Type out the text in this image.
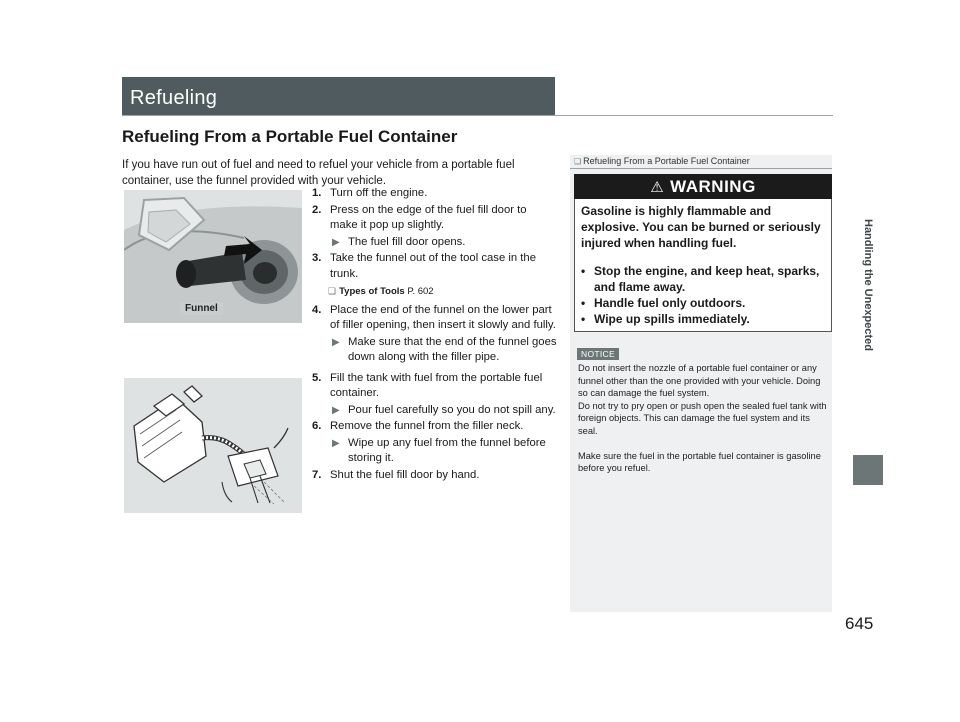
Refueling
Handling the Unexpected
645
Refueling From a Portable Fuel Container
If you have run out of fuel and need to refuel your vehicle from a portable fuel container, use the funnel provided with your vehicle.
1. Turn off the engine.
2. Press on the edge of the fuel fill door to make it pop up slightly.
▶ The fuel fill door opens.
3. Take the funnel out of the tool case in the trunk.
❏ Types of Tools P. 602
4. Place the end of the funnel on the lower part of filler opening, then insert it slowly and fully.
▶ Make sure that the end of the funnel goes down along with the filler pipe.
5. Fill the tank with fuel from the portable fuel container.
▶ Pour fuel carefully so you do not spill any.
6. Remove the funnel from the filler neck.
▶ Wipe up any fuel from the funnel before storing it.
7. Shut the fuel fill door by hand.
Funnel
❏ Refueling From a Portable Fuel Container
⚠ WARNING
Gasoline is highly flammable and explosive. You can be burned or seriously injured when handling fuel.
• Stop the engine, and keep heat, sparks, and flame away.
• Handle fuel only outdoors.
• Wipe up spills immediately.
NOTICE

Do not insert the nozzle of a portable fuel container or any funnel other than the one provided with your vehicle. Doing so can damage the fuel system.

Do not try to pry open or push open the sealed fuel tank with foreign objects. This can damage the fuel system and its seal.

Make sure the fuel in the portable fuel container is gasoline before you refuel.
